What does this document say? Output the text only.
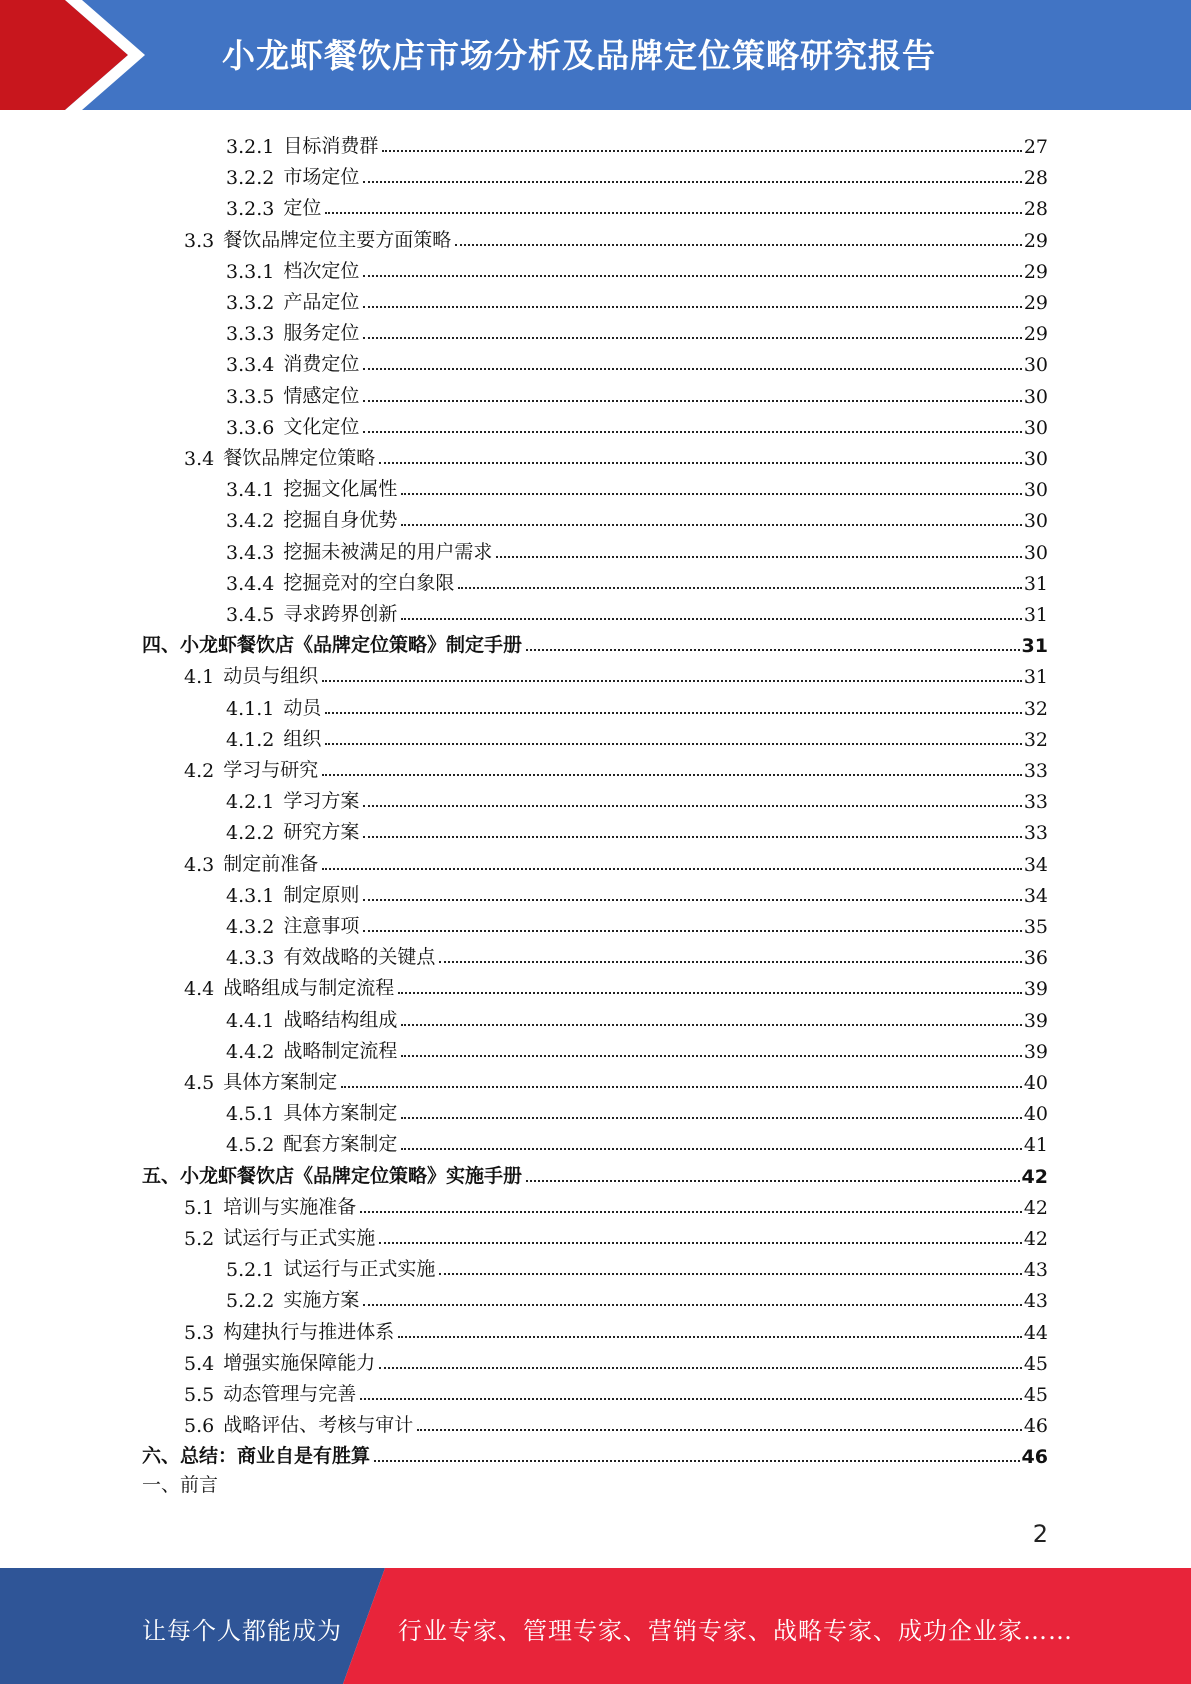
小龙虾餐饮店市场分析及品牌定位策略研究报告
3.2.1 目标消费群	27
3.2.2 市场定位	28
3.2.3 定位	28
3.3 餐饮品牌定位主要方面策略	29
3.3.1 档次定位	29
3.3.2 产品定位	29
3.3.3 服务定位	29
3.3.4 消费定位	30
3.3.5 情感定位	30
3.3.6 文化定位	30
3.4 餐饮品牌定位策略	30
3.4.1 挖掘文化属性	30
3.4.2 挖掘自身优势	30
3.4.3 挖掘未被满足的用户需求	30
3.4.4 挖掘竞对的空白象限	31
3.4.5 寻求跨界创新	31
四、小龙虾餐饮店《品牌定位策略》制定手册	31
4.1 动员与组织	31
4.1.1 动员	32
4.1.2 组织	32
4.2 学习与研究	33
4.2.1 学习方案	33
4.2.2 研究方案	33
4.3 制定前准备	34
4.3.1 制定原则	34
4.3.2 注意事项	35
4.3.3 有效战略的关键点	36
4.4 战略组成与制定流程	39
4.4.1 战略结构组成	39
4.4.2 战略制定流程	39
4.5 具体方案制定	40
4.5.1 具体方案制定	40
4.5.2 配套方案制定	41
五、小龙虾餐饮店《品牌定位策略》实施手册	42
5.1 培训与实施准备	42
5.2 试运行与正式实施	42
5.2.1 试运行与正式实施	43
5.2.2 实施方案	43
5.3 构建执行与推进体系	44
5.4 增强实施保障能力	45
5.5 动态管理与完善	45
5.6 战略评估、考核与审计	46
六、总结：商业自是有胜算	46
一、前言
2
让每个人都能成为 行业专家、管理专家、营销专家、战略专家、成功企业家……
